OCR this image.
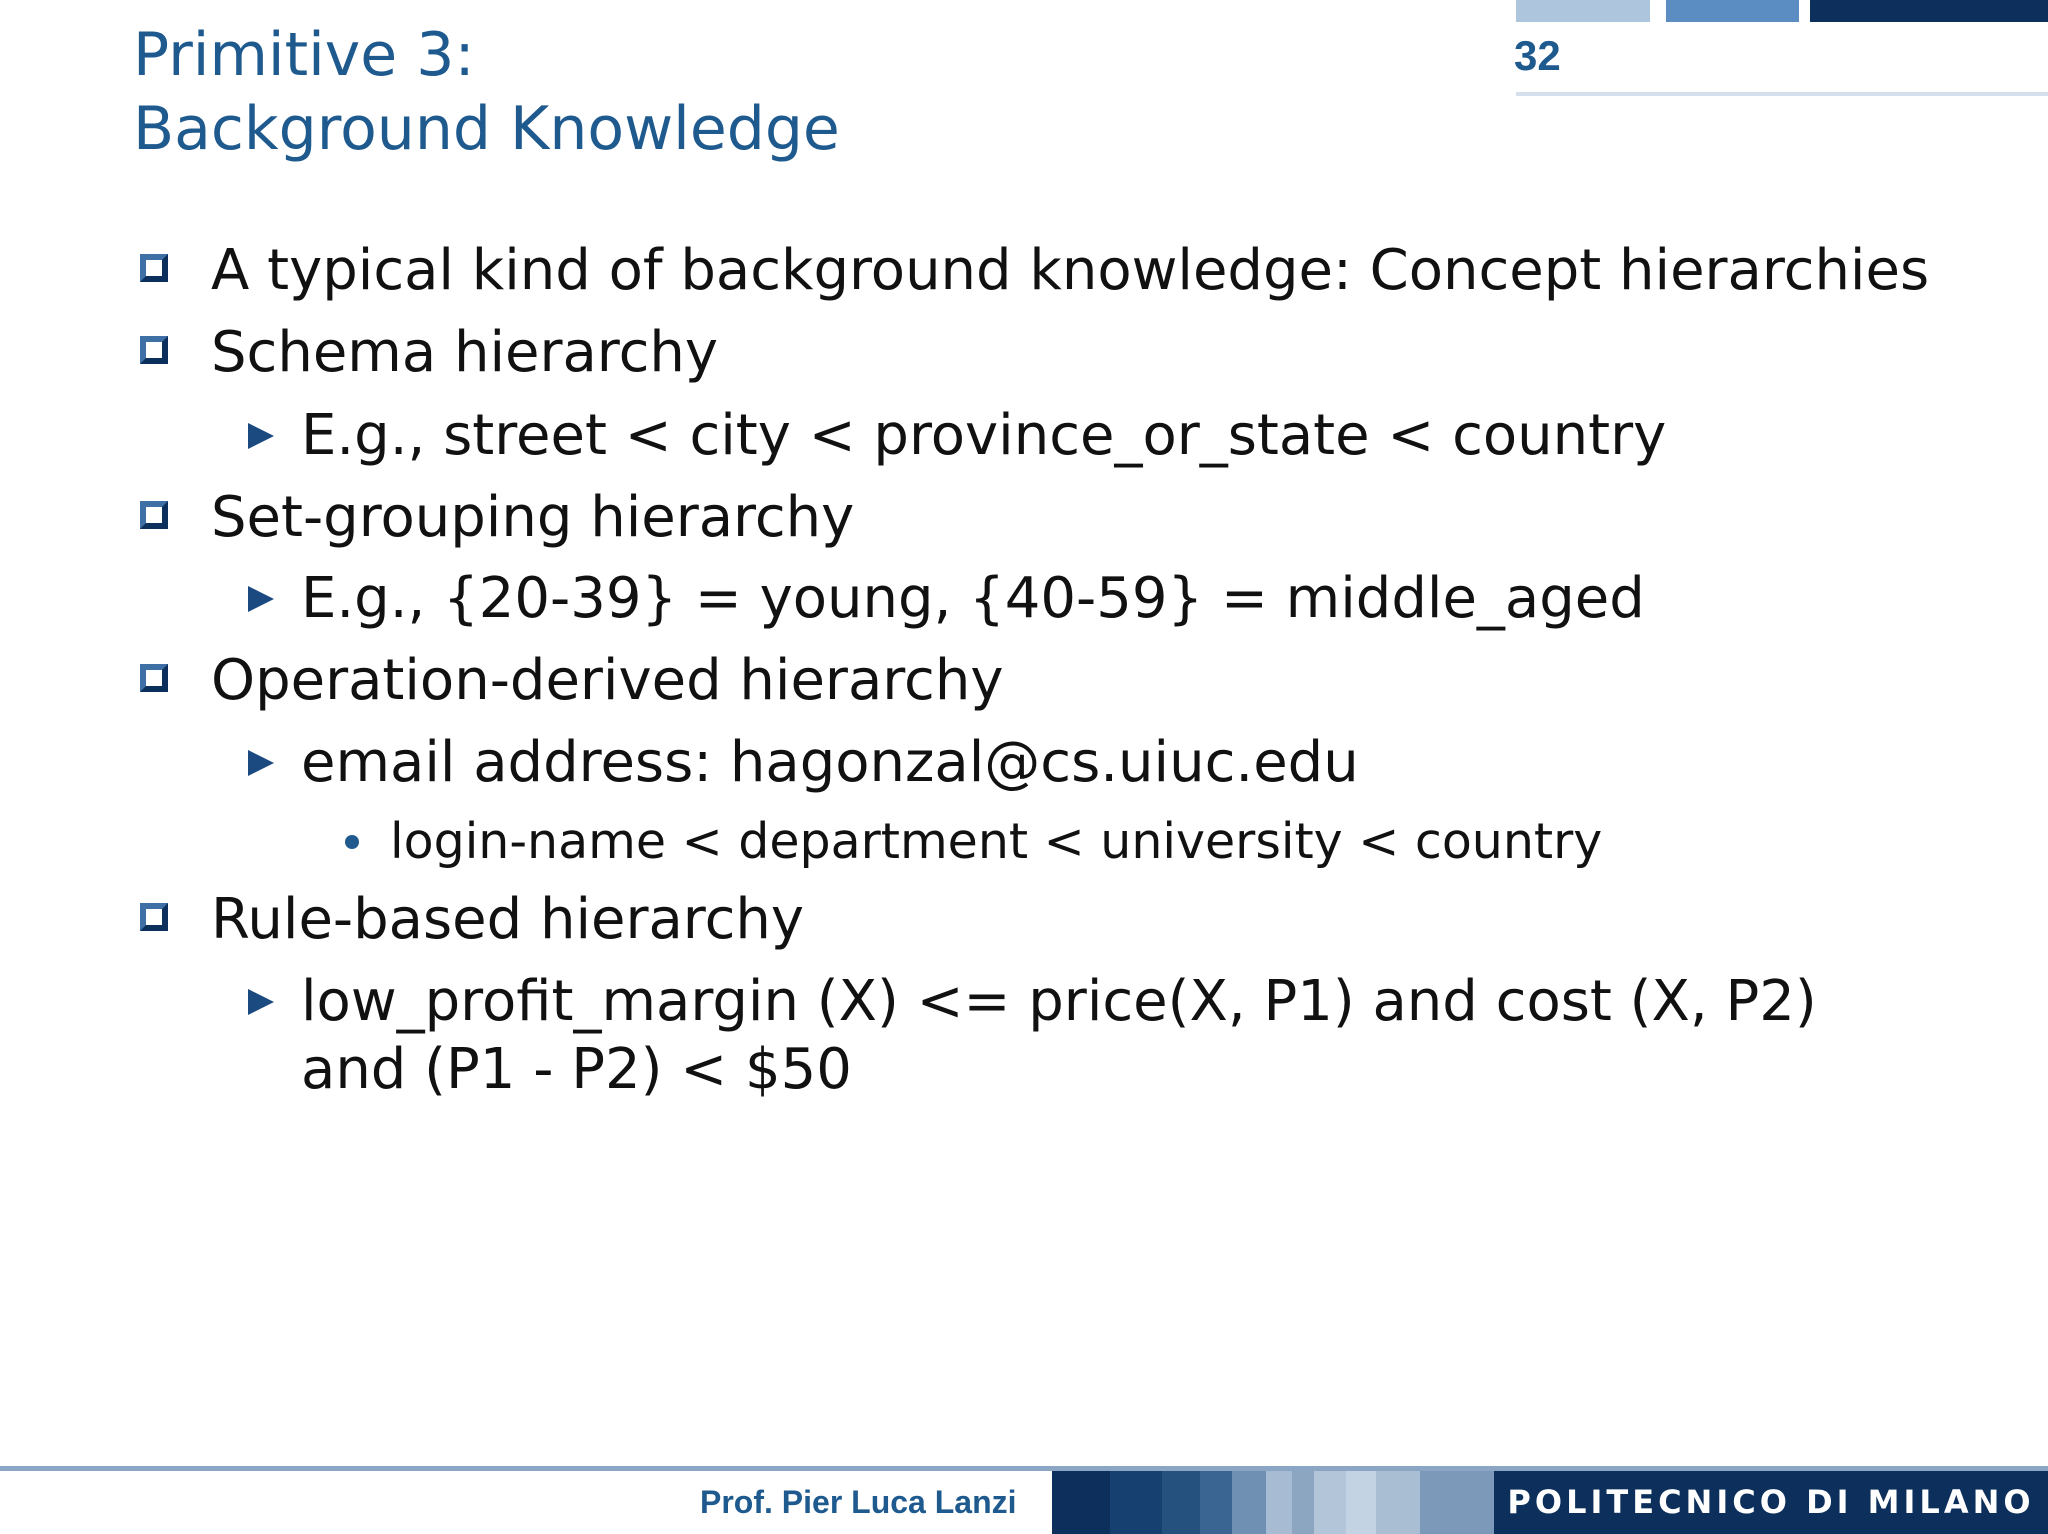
Primitive 3:
Background Knowledge
32
A typical kind of background knowledge: Concept hierarchies
Schema hierarchy
E.g., street < city < province_or_state < country
Set-grouping hierarchy
E.g., {20-39} = young, {40-59} = middle_aged
Operation-derived hierarchy
email address: hagonzal@cs.uiuc.edu
login-name < department < university < country
Rule-based hierarchy
low_profit_margin (X) <= price(X, P1) and cost (X, P2)
and (P1 - P2) < $50
Prof. Pier Luca Lanzi	POLITECNICO DI MILANO
